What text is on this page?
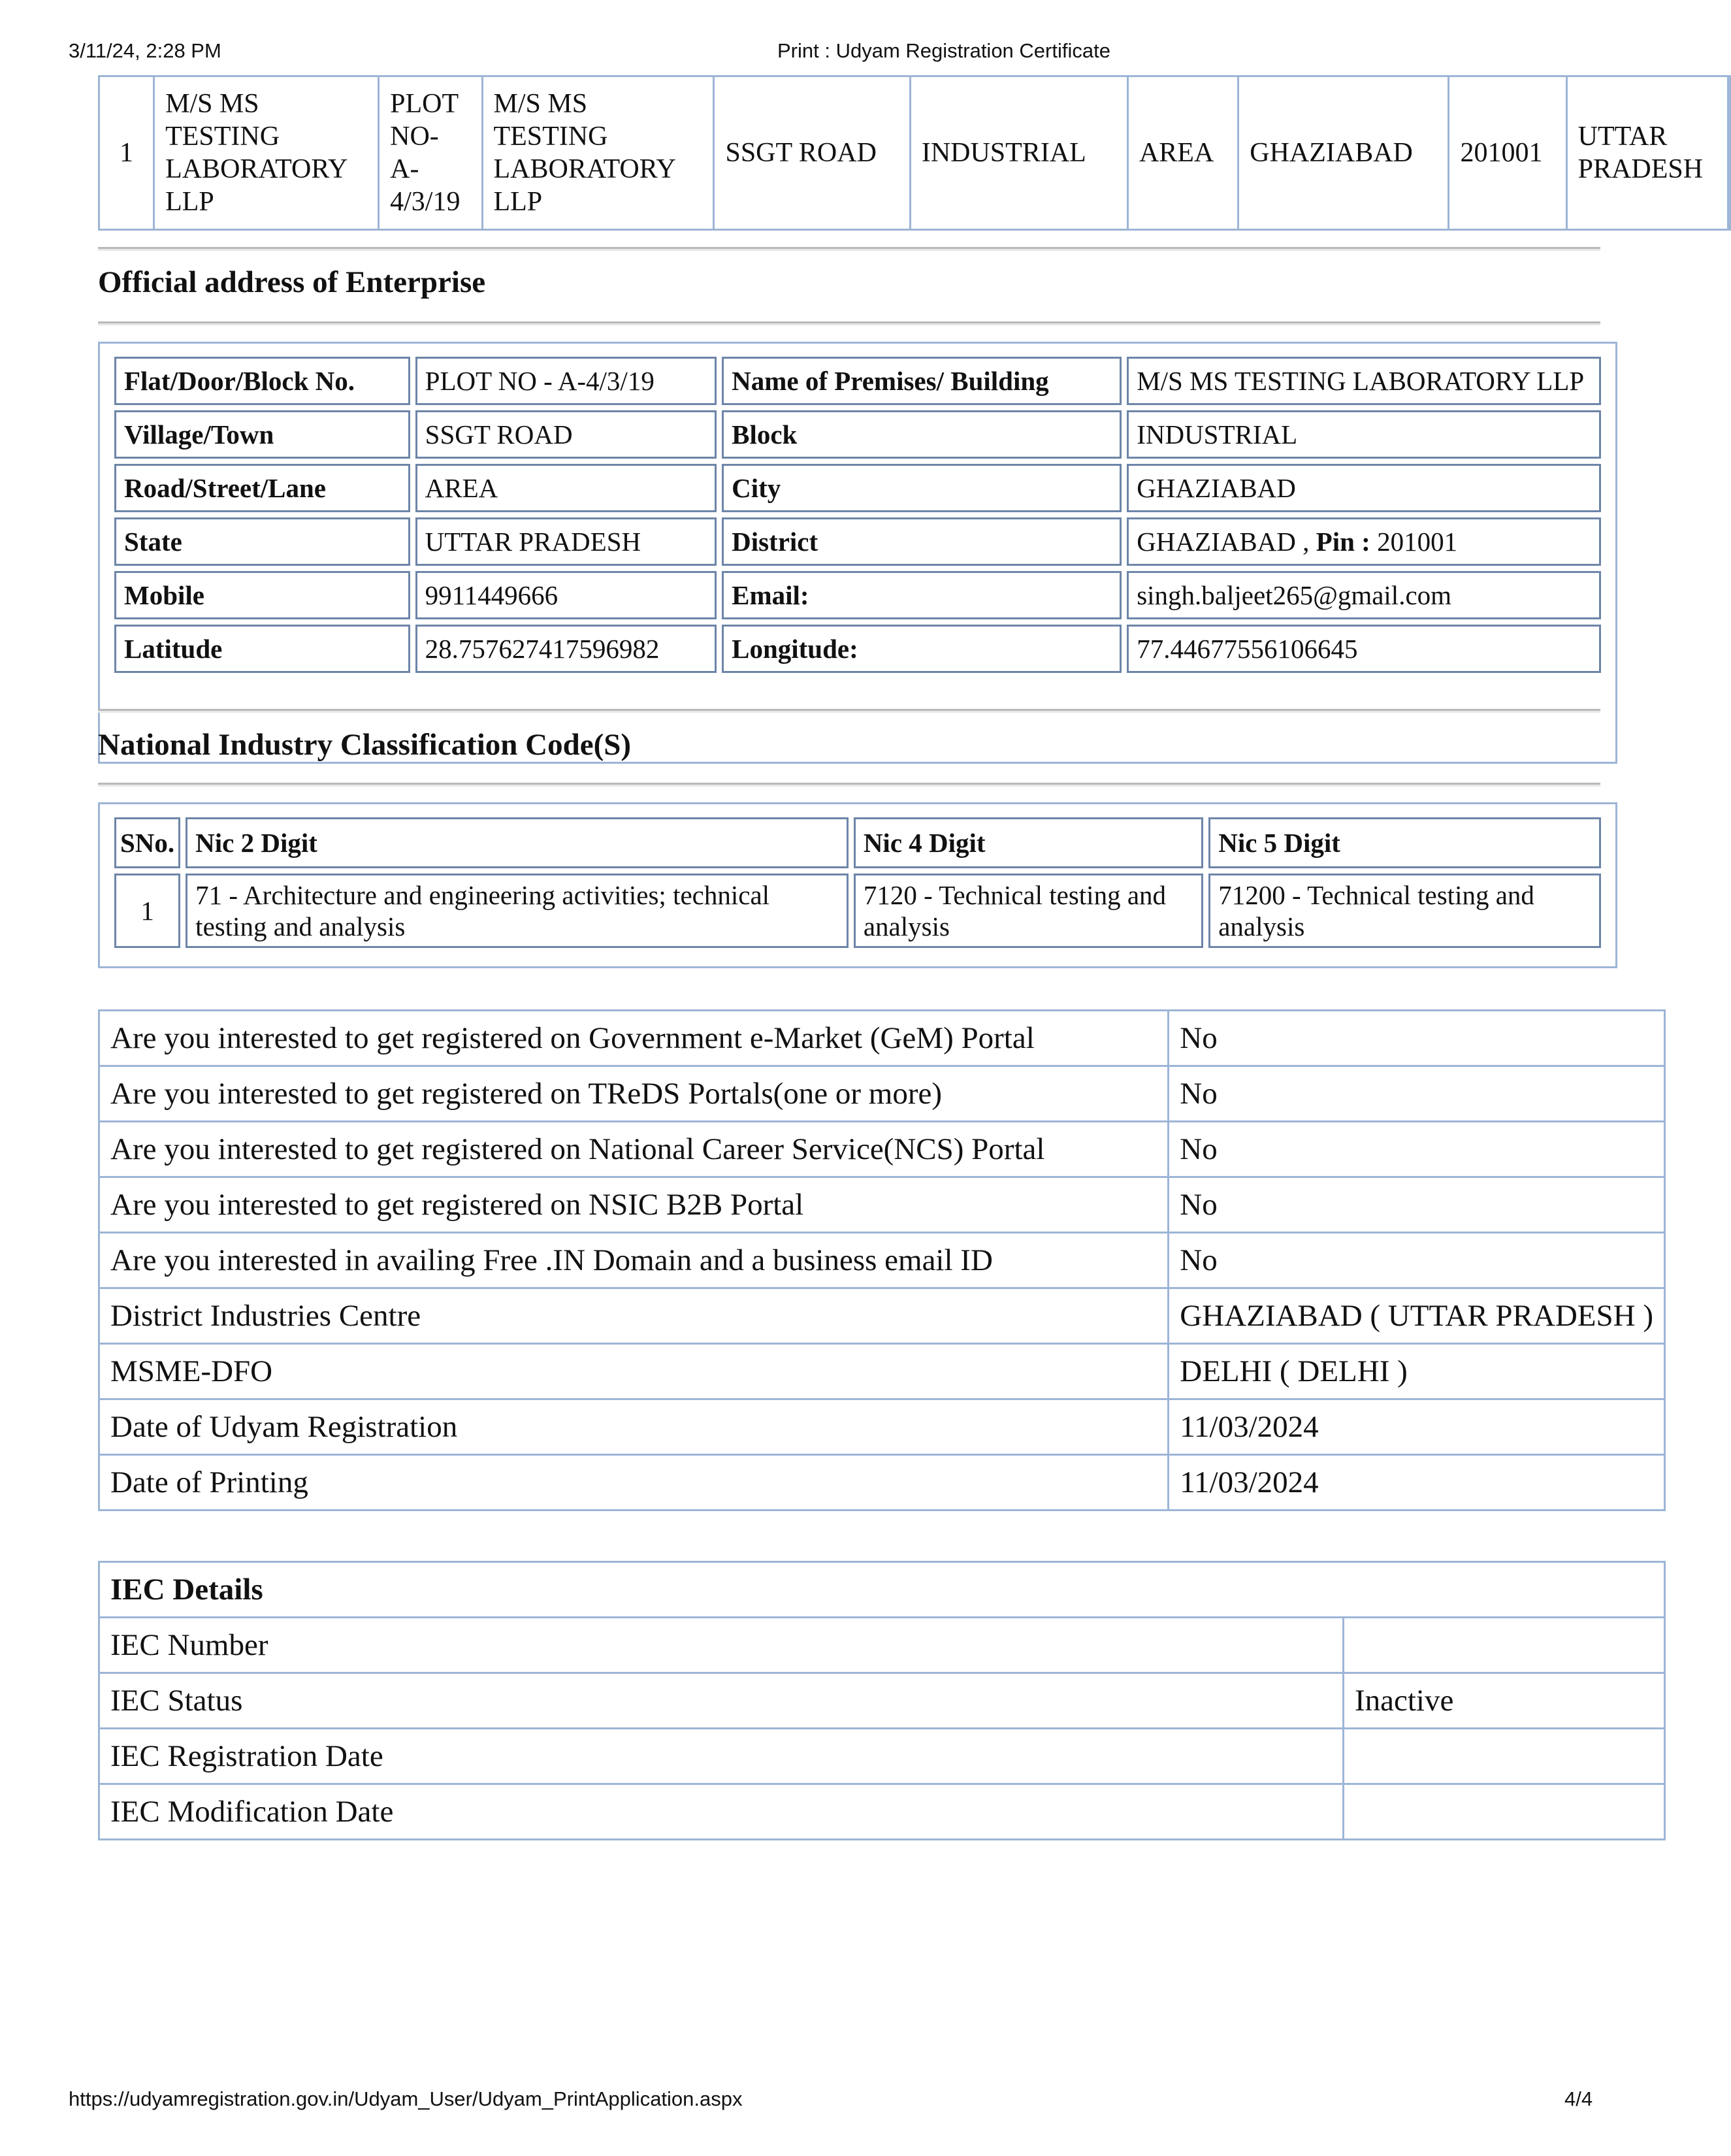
3/11/24, 2:28 PM	Print : Udyam Registration Certificate
1	M/S MS TESTING LABORATORY LLP	PLOT NO- A- 4/3/19	M/S MS TESTING LABORATORY LLP	SSGT ROAD	INDUSTRIAL	AREA	GHAZIABAD	201001	UTTAR PRADESH
Official address of Enterprise
Flat/Door/Block No.	PLOT NO - A-4/3/19	Name of Premises/ Building	M/S MS TESTING LABORATORY LLP
Village/Town	SSGT ROAD	Block	INDUSTRIAL
Road/Street/Lane	AREA	City	GHAZIABAD
State	UTTAR PRADESH	District	GHAZIABAD , Pin : 201001
Mobile	9911449666	Email:	singh.baljeet265@gmail.com
Latitude	28.757627417596982	Longitude:	77.44677556106645
National Industry Classification Code(S)
SNo.	Nic 2 Digit	Nic 4 Digit	Nic 5 Digit
1	71 - Architecture and engineering activities; technical testing and analysis	7120 - Technical testing and analysis	71200 - Technical testing and analysis
Are you interested to get registered on Government e-Market (GeM) Portal	No
Are you interested to get registered on TReDS Portals(one or more)	No
Are you interested to get registered on National Career Service(NCS) Portal	No
Are you interested to get registered on NSIC B2B Portal	No
Are you interested in availing Free .IN Domain and a business email ID	No
District Industries Centre	GHAZIABAD ( UTTAR PRADESH )
MSME-DFO	DELHI ( DELHI )
Date of Udyam Registration	11/03/2024
Date of Printing	11/03/2024
IEC Details	
IEC Number	
IEC Status	Inactive
IEC Registration Date	
IEC Modification Date	
https://udyamregistration.gov.in/Udyam_User/Udyam_PrintApplication.aspx	4/4
